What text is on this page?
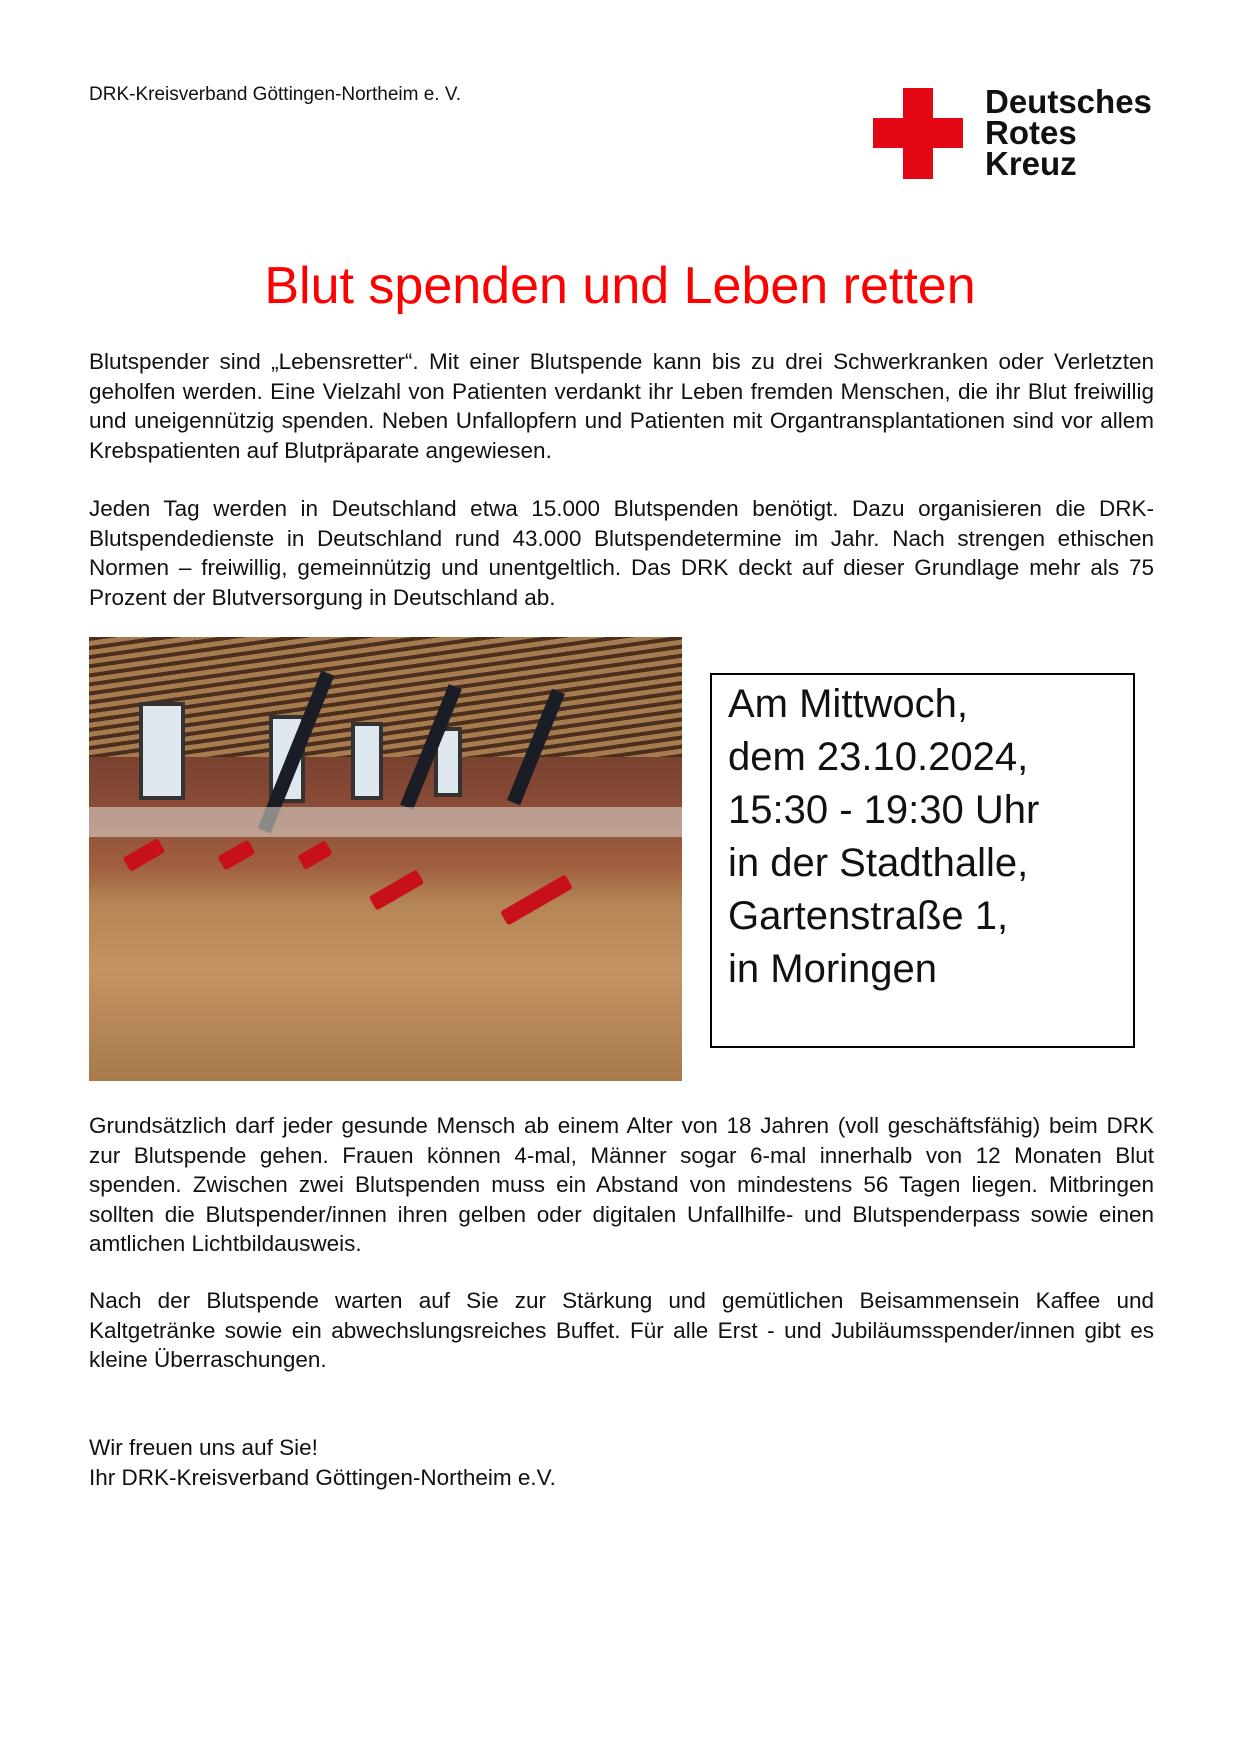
DRK-Kreisverband Göttingen-Northeim e. V.	Deutsches
Rotes
Kreuz
Blut spenden und Leben retten
Blutspender sind „Lebensretter“. Mit einer Blutspende kann bis zu drei Schwerkranken oder Verletzten geholfen werden. Eine Vielzahl von Patienten verdankt ihr Leben fremden Menschen, die ihr Blut freiwillig und uneigennützig spenden. Neben Unfallopfern und Patienten mit Organtransplantationen sind vor allem Krebspatienten auf Blutpräparate angewiesen.
Jeden Tag werden in Deutschland etwa 15.000 Blutspenden benötigt. Dazu organisieren die DRK-Blutspendedienste in Deutschland rund 43.000 Blutspendetermine im Jahr. Nach strengen ethischen Normen – freiwillig, gemeinnützig und unentgeltlich. Das DRK deckt auf dieser Grundlage mehr als 75 Prozent der Blutversorgung in Deutschland ab.
Am Mittwoch,
dem 23.10.2024,
15:30 - 19:30 Uhr
in der Stadthalle,
Gartenstraße 1,
in Moringen
Grundsätzlich darf jeder gesunde Mensch ab einem Alter von 18 Jahren (voll geschäftsfähig) beim DRK zur Blutspende gehen. Frauen können 4-mal, Männer sogar 6-mal innerhalb von 12 Monaten Blut spenden. Zwischen zwei Blutspenden muss ein Abstand von mindestens 56 Tagen liegen. Mitbringen sollten die Blutspender/innen ihren gelben oder digitalen Unfallhilfe- und Blutspenderpass sowie einen amtlichen Lichtbildausweis.
Nach der Blutspende warten auf Sie zur Stärkung und gemütlichen Beisammensein Kaffee und Kaltgetränke sowie ein abwechslungsreiches Buffet. Für alle Erst - und Jubiläumsspender/innen gibt es kleine Überraschungen.
Wir freuen uns auf Sie!
Ihr DRK-Kreisverband Göttingen-Northeim e.V.
